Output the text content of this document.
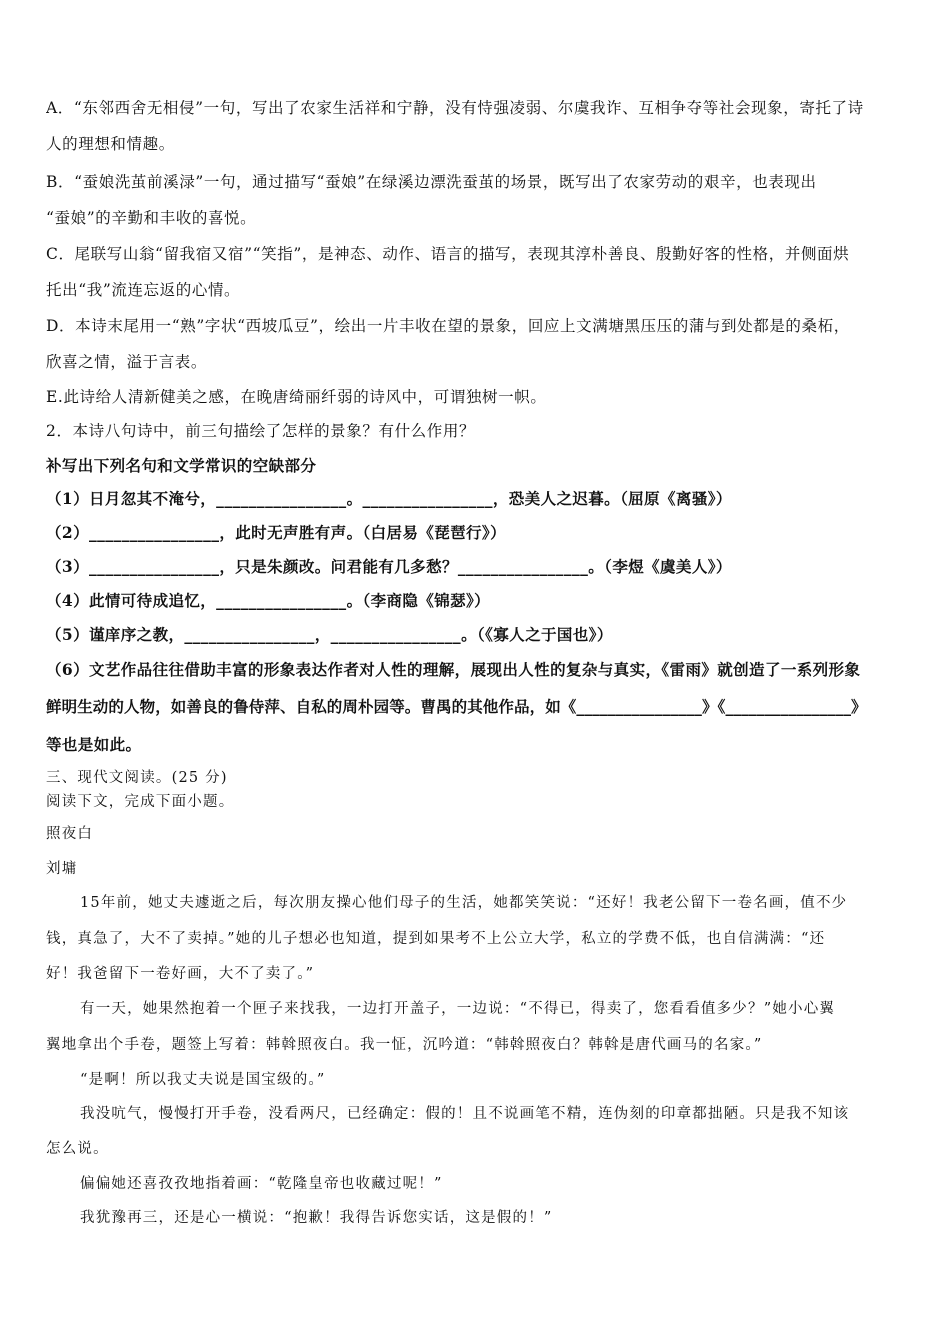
A．“东邻西舍无相侵”一句，写出了农家生活祥和宁静，没有恃强凌弱、尔虞我诈、互相争夺等社会现象，寄托了诗

人的理想和情趣。

B．“蚕娘洗茧前溪渌”一句，通过描写“蚕娘”在绿溪边漂洗蚕茧的场景，既写出了农家劳动的艰辛，也表现出

“蚕娘”的辛勤和丰收的喜悦。

C．尾联写山翁“留我宿又宿”“笑指”，是神态、动作、语言的描写，表现其淳朴善良、殷勤好客的性格，并侧面烘

托出“我”流连忘返的心情。

D．本诗末尾用一“熟”字状“西坡瓜豆”，绘出一片丰收在望的景象，回应上文满塘黑压压的蒲与到处都是的桑柘，

欣喜之情，溢于言表。

E.此诗给人清新健美之感，在晚唐绮丽纤弱的诗风中，可谓独树一帜。

2．本诗八句诗中，前三句描绘了怎样的景象？有什么作用？

补写出下列名句和文学常识的空缺部分

（1）日月忽其不淹兮，________________。________________，恐美人之迟暮。（屈原《离骚》）

（2）________________，此时无声胜有声。（白居易《琵琶行》）

（3）________________，只是朱颜改。问君能有几多愁？________________。（李煜《虞美人》）

（4）此情可待成追忆，________________。（李商隐《锦瑟》）

（5）谨庠序之教，________________，________________。（《寡人之于国也》）

（6）文艺作品往往借助丰富的形象表达作者对人性的理解，展现出人性的复杂与真实，《雷雨》就创造了一系列形象

鲜明生动的人物，如善良的鲁侍萍、自私的周朴园等。曹禺的其他作品，如《________________》《________________》

等也是如此。

三、现代文阅读。(25 分)

阅读下文，完成下面小题。

照夜白

刘墉

15年前，她丈夫遽逝之后，每次朋友操心他们母子的生活，她都笑笑说：“还好！我老公留下一卷名画，值不少

钱，真急了，大不了卖掉。”她的儿子想必也知道，提到如果考不上公立大学，私立的学费不低，也自信满满：“还

好！我爸留下一卷好画，大不了卖了。”

有一天，她果然抱着一个匣子来找我，一边打开盖子，一边说：“不得已，得卖了，您看看值多少？”她小心翼

翼地拿出个手卷，题签上写着：韩斡照夜白。我一怔，沉吟道：“韩斡照夜白？韩斡是唐代画马的名家。”

“是啊！所以我丈夫说是国宝级的。”

我没吭气，慢慢打开手卷，没看两尺，已经确定：假的！且不说画笔不精，连伪刻的印章都拙陋。只是我不知该

怎么说。

偏偏她还喜孜孜地指着画：“乾隆皇帝也收藏过呢！”

我犹豫再三，还是心一横说：“抱歉！我得告诉您实话，这是假的！”
